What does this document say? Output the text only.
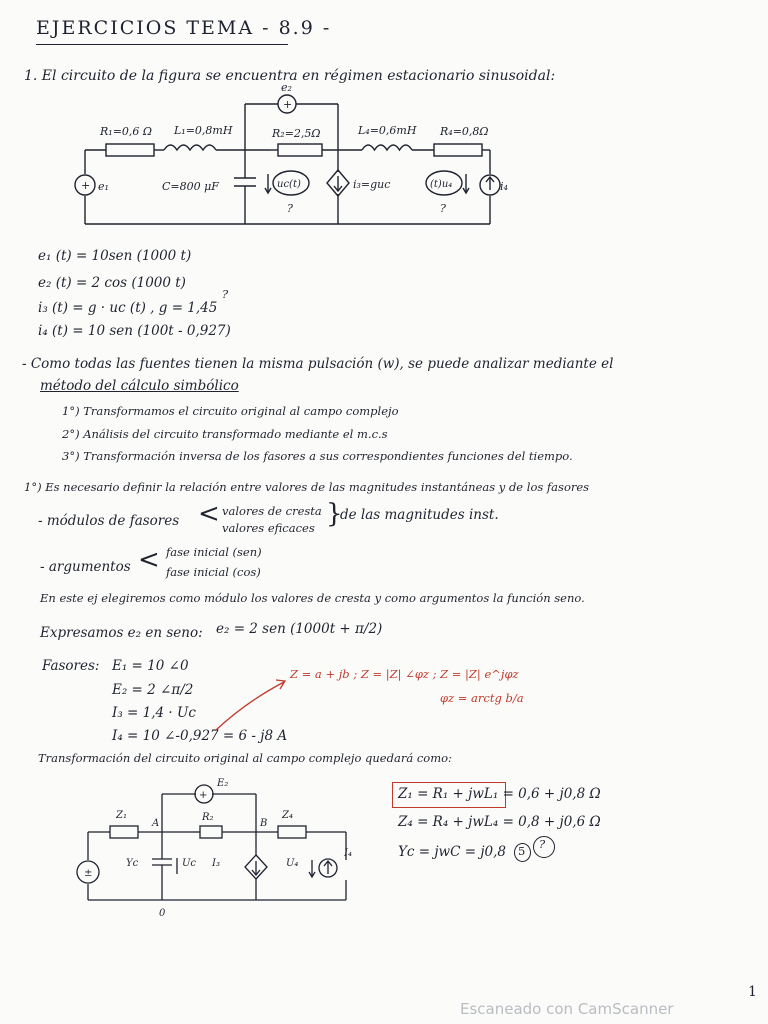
EJERCICIOS TEMA - 8.9 -
1. El circuito de la figura se encuentra en régimen estacionario sinusoidal:
+
+
e₂
R₁=0,6 Ω L₁=0,8mH	R₂=2,5Ω	L₄=0,6mH R₄=0,8Ω
e₁	C=800 μF	uc(t)	i₃=guc	(t)u₄	i₄
?	?
e₁ (t) = 10sen (1000 t)
e₂ (t) = 2 cos (1000 t)
i₃ (t) = g · uc (t) , g = 1,45
?
i₄ (t) = 10 sen (100t - 0,927)
- Como todas las fuentes tienen la misma pulsación (w), se puede analizar mediante el
método del cálculo simbólico
1°) Transformamos el circuito original al campo complejo
2°) Análisis del circuito transformado mediante el m.c.s
3°) Transformación inversa de los fasores a sus correspondientes funciones del tiempo.
1°) Es necesario definir la relación entre valores de las magnitudes instantáneas y de los fasores
- módulos de fasores < valores de cresta
valores eficaces }
de las magnitudes inst.
- argumentos < fase inicial (sen)
fase inicial (cos)
En este ej elegiremos como módulo los valores de cresta y como argumentos la función seno.
Expresamos e₂ en seno: e₂ = 2 sen (1000t + π/2)
Fasores: E₁ = 10 ∠0
E₂ = 2 ∠π/2
I₃ = 1,4 · Uc
I₄ = 10 ∠-0,927 = 6 - j8 A
Z = a + jb ; Z = |Z| ∠φz ; Z = |Z| e^jφz
φz = arctg b/a
Transformación del circuito original al campo complejo quedará como:
±
+
E₂
Z₁
A
R₂
B
Z₄
Yc	Uc I₃	U₄
I₄
0
Z₁ = R₁ + jwL₁ = 0,6 + j0,8 Ω
Z₄ = R₄ + jwL₄ = 0,8 + j0,6 Ω
Yc = jwC = j0,8 5 ?
Escaneado con CamScanner
1
